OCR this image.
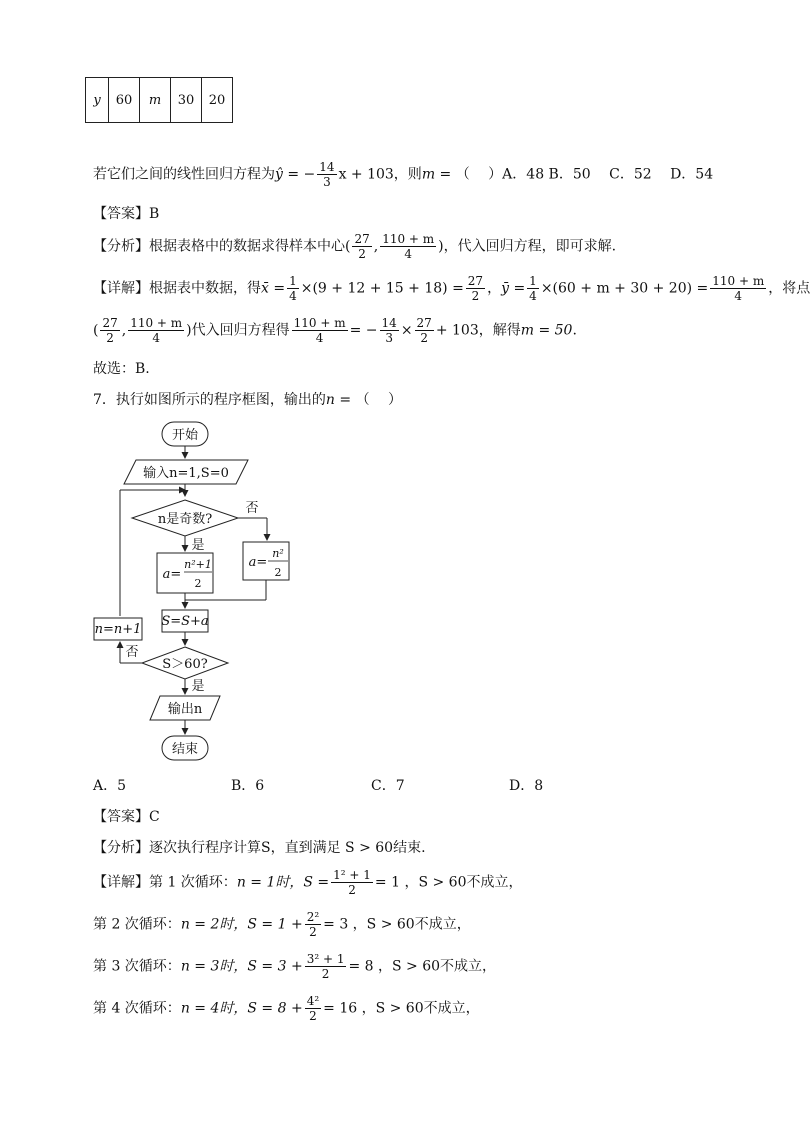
y	60	m	30	20
若它们之间的线性回归方程为ŷ = − $\frac{14}{3}$ x + 103，则m = （　 ）A．48 B．50　 C．52　 D．54
【答案】B
【分析】根据表格中的数据求得样本中心( $\frac{27}{2}$ , $\frac{110 + m}{4}$ )，代入回归方程，即可求解.
【详解】根据表中数据，得x̄ = $\frac{1}{4} \times(9 + 12 + 15 + 18) = \frac{27}{2}$ ，ȳ = $\frac{1}{4} \times(60 + m + 30 + 20) = \frac{110 + m}{4}$ ，将点
( $\frac{27}{2}$ , $\frac{110 + m}{4}$ )代入回归方程得 $\frac{110 + m}{4}$ = − $\frac{14}{3} \times \frac{27}{2} + 103$，解得m = 50.
故选：B.
7．执行如图所示的程序框图，输出的n = （　 ）
开始
输入n=1,S=0
n是奇数?
否
是
a=
n²+1
2
a=
n²
2
S=S+a
n=n+1
S＞60?
否
是
输出n
结束
A．5	B．6	C．7	D．8
【答案】C
【分析】逐次执行程序计算S，直到满足 S > 60结束.
【详解】第 1 次循环：n = 1时，$S = \frac{\text{1² + 1}}{2} = 1$ ，S > 60不成立，
第 2 次循环：n = 2时，$S = 1 + \frac{\text{2²}}{2} = 3$ ，S > 60不成立，
第 3 次循环：n = 3时，$S = 3 + \frac{\text{3² + 1}}{2} = 8$ ，S > 60不成立，
第 4 次循环：n = 4时，$S = 8 + \frac{\text{4²}}{2} = 16$ ，S > 60不成立，
